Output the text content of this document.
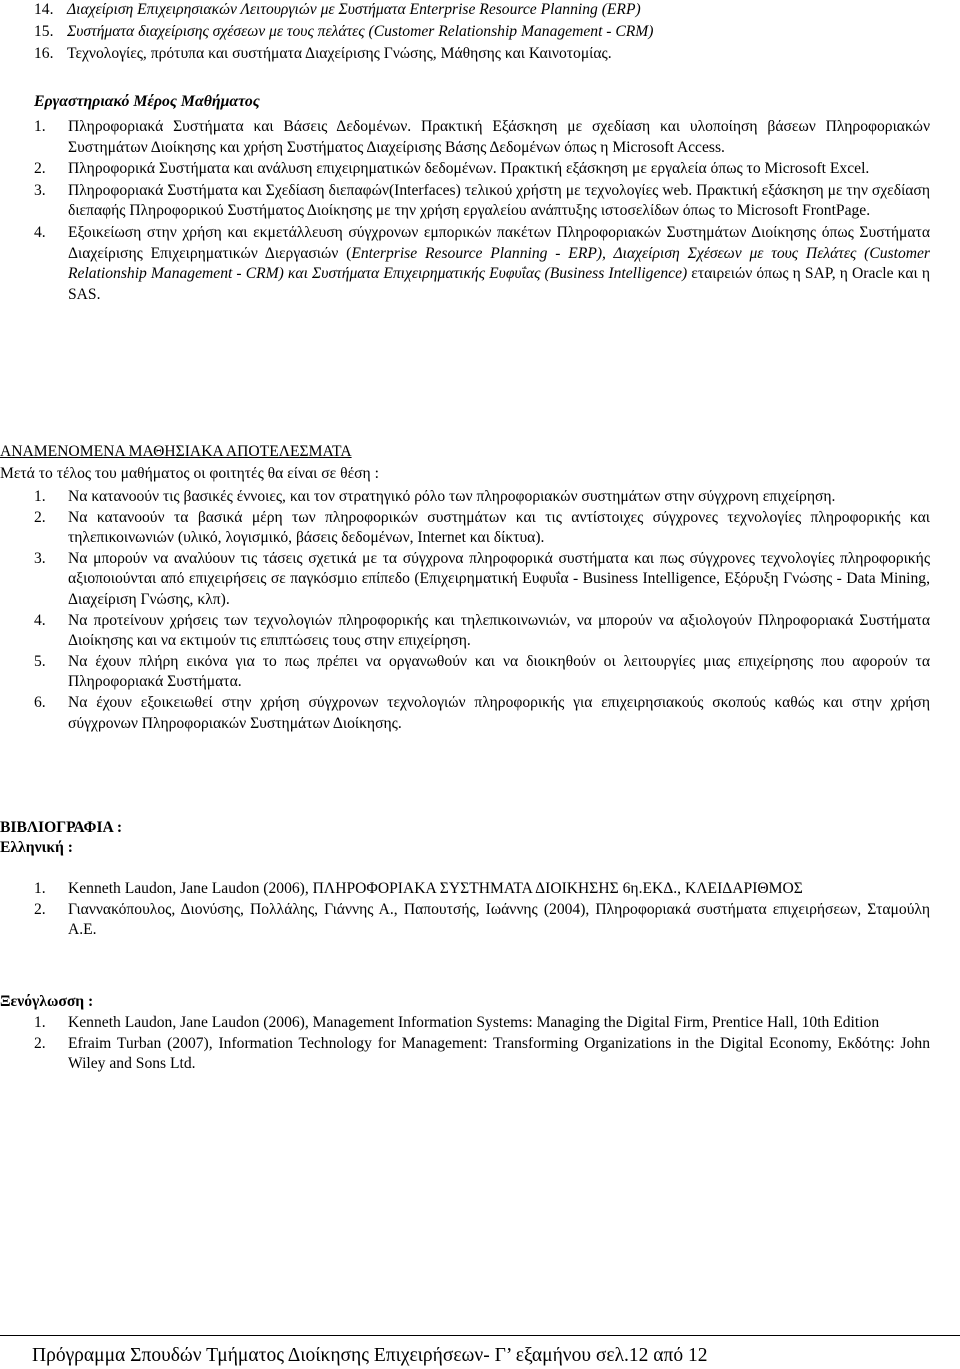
14. Διαχείριση Επιχειρησιακών Λειτουργιών με Συστήματα Enterprise Resource Planning (ERP)
15. Συστήματα διαχείρισης σχέσεων με τους πελάτες (Customer Relationship Management - CRM)
16. Τεχνολογίες, πρότυπα και συστήματα Διαχείρισης Γνώσης, Μάθησης και Καινοτομίας.
Εργαστηριακό Μέρος Μαθήματος
1.	Πληροφοριακά Συστήματα και Βάσεις Δεδομένων. Πρακτική Εξάσκηση με σχεδίαση και υλοποίηση βάσεων Πληροφοριακών Συστημάτων Διοίκησης και χρήση Συστήματος Διαχείρισης Βάσης Δεδομένων όπως η Microsoft Access.
2.	Πληροφορικά Συστήματα και ανάλυση επιχειρηματικών δεδομένων. Πρακτική εξάσκηση με εργαλεία όπως το Microsoft Excel.
3.	Πληροφοριακά Συστήματα και Σχεδίαση διεπαφών(Interfaces) τελικού χρήστη με τεχνολογίες web. Πρακτική εξάσκηση με την σχεδίαση διεπαφής Πληροφορικού Συστήματος Διοίκησης με την χρήση εργαλείου ανάπτυξης ιστοσελίδων όπως το Microsoft FrontPage.
4.	Εξοικείωση στην χρήση και εκμετάλλευση σύγχρονων εμπορικών πακέτων Πληροφοριακών Συστημάτων Διοίκησης όπως Συστήματα Διαχείρισης Επιχειρηματικών Διεργασιών (Enterprise Resource Planning - ERP), Διαχείριση Σχέσεων με τους Πελάτες (Customer Relationship Management - CRM) και Συστήματα Επιχειρηματικής Ευφυΐας (Business Intelligence) εταιρειών όπως η SAP, η Oracle και η SAS.
ΑΝΑΜΕΝΟΜΕΝΑ ΜΑΘΗΣΙΑΚΑ ΑΠΟΤΕΛΕΣΜΑΤΑ
Μετά το τέλος του μαθήματος οι φοιτητές θα είναι σε θέση :
1.	Να κατανοούν τις βασικές έννοιες, και τον στρατηγικό ρόλο των πληροφοριακών συστημάτων στην σύγχρονη επιχείρηση.
2.	Να κατανοούν τα βασικά μέρη των πληροφορικών συστημάτων και τις αντίστοιχες σύγχρονες τεχνολογίες πληροφορικής και τηλεπικοινωνιών (υλικό, λογισμικό, βάσεις δεδομένων, Internet και δίκτυα).
3.	Να μπορούν να αναλύουν τις τάσεις σχετικά με τα σύγχρονα πληροφορικά συστήματα και πως σύγχρονες τεχνολογίες πληροφορικής αξιοποιούνται από επιχειρήσεις σε παγκόσμιο επίπεδο (Επιχειρηματική Ευφυΐα - Business Intelligence, Εξόρυξη Γνώσης - Data Mining, Διαχείριση Γνώσης, κλπ).
4.	Να προτείνουν χρήσεις των τεχνολογιών πληροφορικής και τηλεπικοινωνιών, να μπορούν να αξιολογούν Πληροφοριακά Συστήματα Διοίκησης και να εκτιμούν τις επιπτώσεις τους στην επιχείρηση.
5.	Να έχουν πλήρη εικόνα για το πως πρέπει να οργανωθούν και να διοικηθούν οι λειτουργίες μιας επιχείρησης που αφορούν τα Πληροφοριακά Συστήματα.
6.	Να έχουν εξοικειωθεί στην χρήση σύγχρονων τεχνολογιών πληροφορικής για επιχειρησιακούς σκοπούς καθώς και στην χρήση σύγχρονων Πληροφοριακών Συστημάτων Διοίκησης.
ΒΙΒΛΙΟΓΡΑΦΙΑ :
Ελληνική :
1.	Kenneth Laudon, Jane Laudon (2006), ΠΛΗΡΟΦΟΡΙΑΚΑ ΣΥΣΤΗΜΑΤΑ ΔΙΟΙΚΗΣΗΣ 6η.ΕΚΔ., ΚΛΕΙΔΑΡΙΘΜΟΣ
2.	Γιαννακόπουλος, Διονύσης, Πολλάλης, Γιάννης Α., Παπουτσής, Ιωάννης (2004), Πληροφοριακά συστήματα επιχειρήσεων, Σταμούλη Α.Ε.
Ξενόγλωσση :
1.	Kenneth Laudon, Jane Laudon (2006), Management Information Systems: Managing the Digital Firm, Prentice Hall, 10th Edition
2.	Efraim Turban (2007), Information Technology for Management: Transforming Organizations in the Digital Economy, Εκδότης: John Wiley and Sons Ltd.
Πρόγραμμα Σπουδών Τμήματος Διοίκησης Επιχειρήσεων- Γ’ εξαμήνου σελ.12 από 12
